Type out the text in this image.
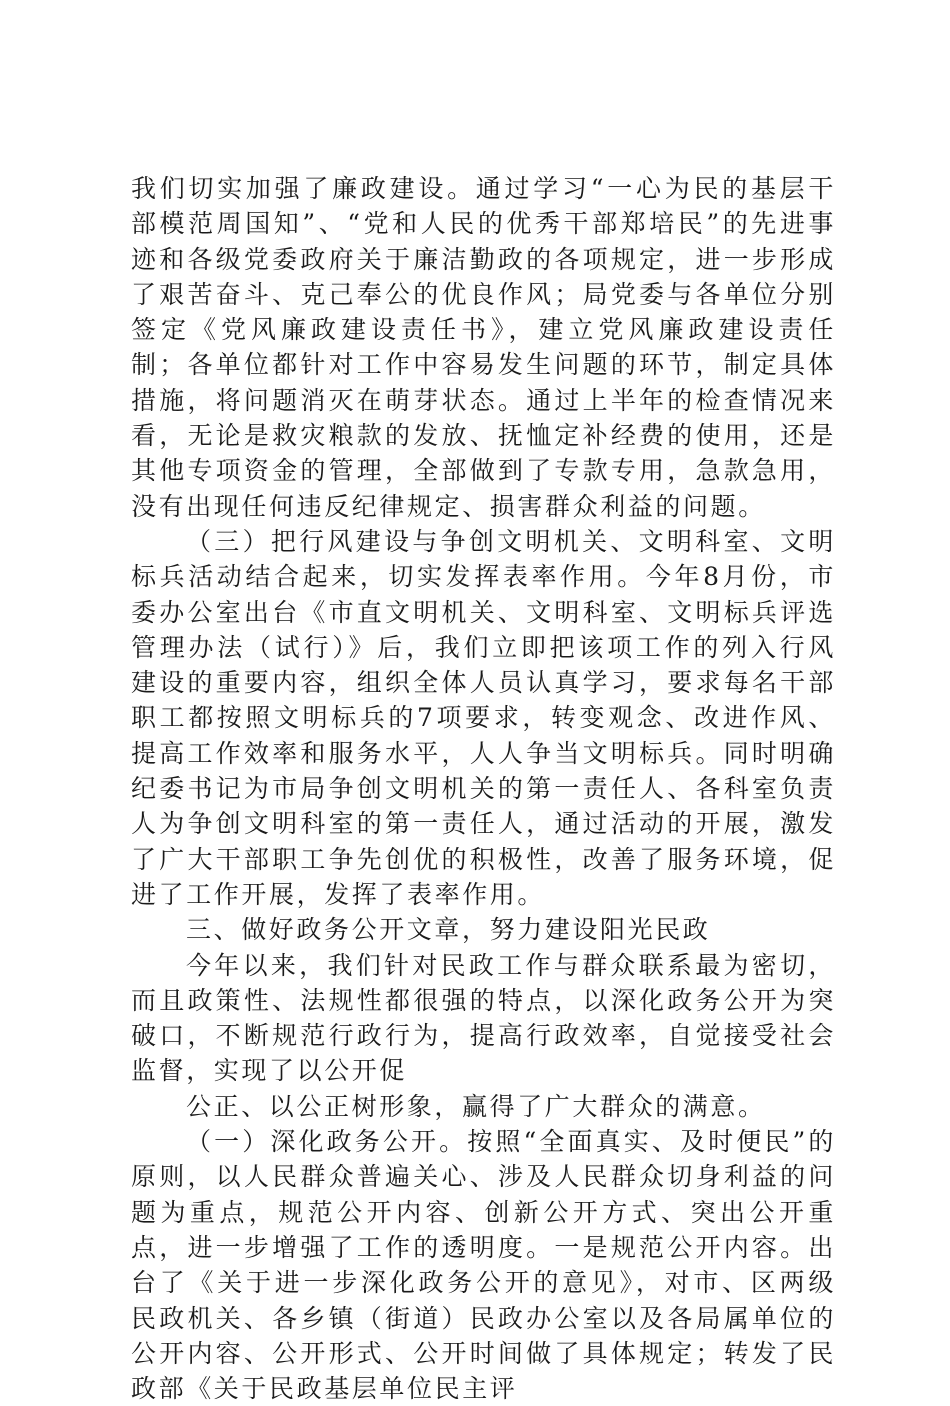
我们切实加强了廉政建设。通过学习“一心为民的基层干部模范周国知”、“党和人民的优秀干部郑培民”的先进事迹和各级党委政府关于廉洁勤政的各项规定，进一步形成了艰苦奋斗、克己奉公的优良作风；局党委与各单位分别签定《党风廉政建设责任书》，建立党风廉政建设责任制；各单位都针对工作中容易发生问题的环节，制定具体措施，将问题消灭在萌芽状态。通过上半年的检查情况来看，无论是救灾粮款的发放、抚恤定补经费的使用，还是其他专项资金的管理，全部做到了专款专用，急款急用，没有出现任何违反纪律规定、损害群众利益的问题。

（三）把行风建设与争创文明机关、文明科室、文明标兵活动结合起来，切实发挥表率作用。今年8月份，市委办公室出台《市直文明机关、文明科室、文明标兵评选管理办法（试行）》后，我们立即把该项工作的列入行风建设的重要内容，组织全体人员认真学习，要求每名干部职工都按照文明标兵的7项要求，转变观念、改进作风、提高工作效率和服务水平，人人争当文明标兵。同时明确纪委书记为市局争创文明机关的第一责任人、各科室负责人为争创文明科室的第一责任人，通过活动的开展，激发了广大干部职工争先创优的积极性，改善了服务环境，促进了工作开展，发挥了表率作用。

三、做好政务公开文章，努力建设阳光民政

今年以来，我们针对民政工作与群众联系最为密切，而且政策性、法规性都很强的特点，以深化政务公开为突破口，不断规范行政行为，提高行政效率，自觉接受社会监督，实现了以公开促

公正、以公正树形象，赢得了广大群众的满意。

（一）深化政务公开。按照“全面真实、及时便民”的原则，以人民群众普遍关心、涉及人民群众切身利益的问题为重点，规范公开内容、创新公开方式、突出公开重点，进一步增强了工作的透明度。一是规范公开内容。出台了《关于进一步深化政务公开的意见》，对市、区两级民政机关、各乡镇（街道）民政办公室以及各局属单位的公开内容、公开形式、公开时间做了具体规定；转发了民政部《关于民政基层单位民主评
